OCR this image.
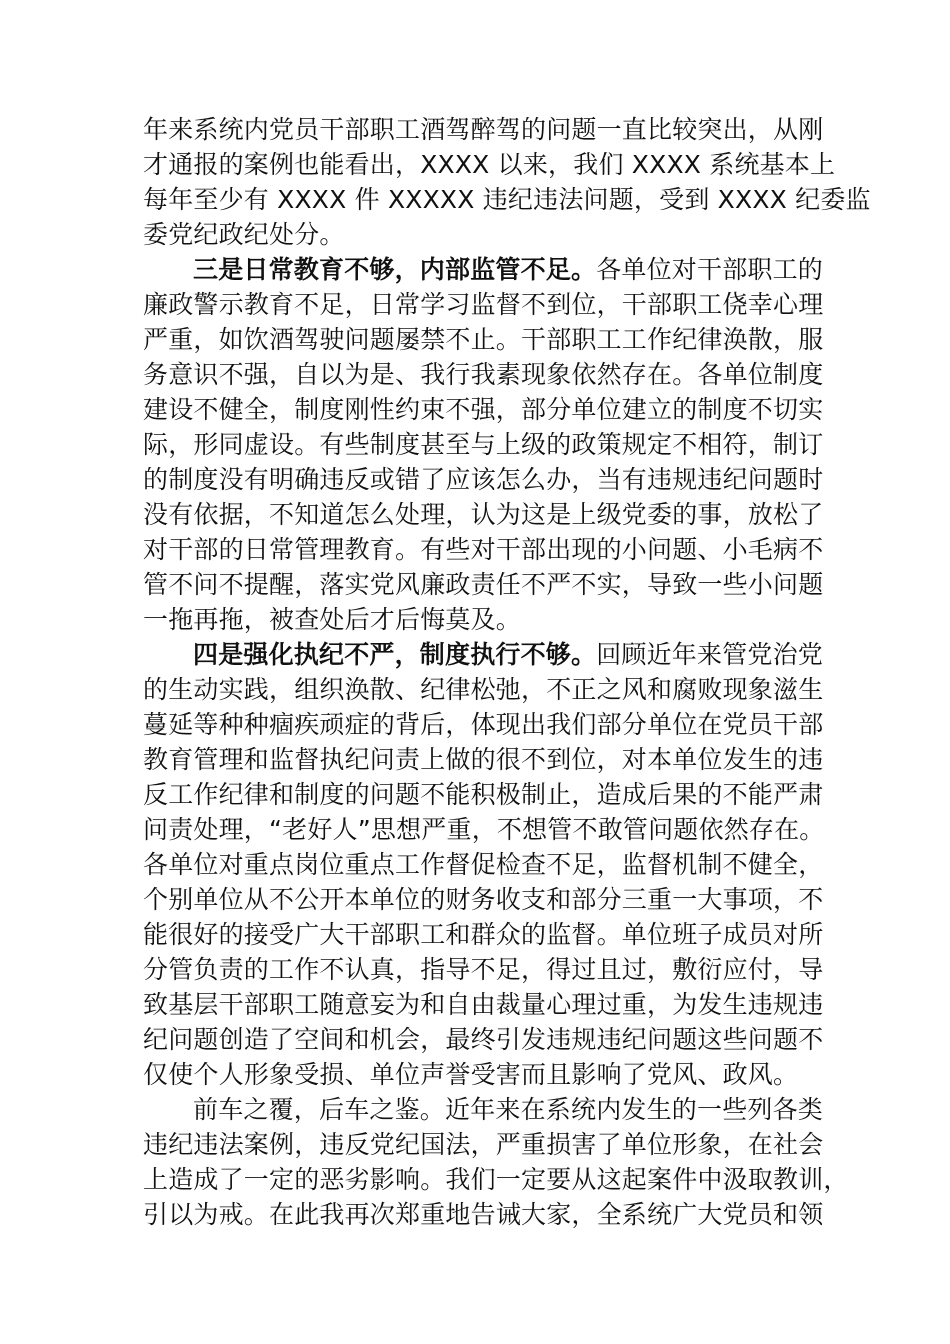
年来系统内党员干部职工酒驾醉驾的问题一直比较突出，从刚
才通报的案例也能看出，XXXX 以来，我们 XXXX 系统基本上
每年至少有 XXXX 件 XXXXX 违纪违法问题，受到 XXXX 纪委监
委党纪政纪处分。
三是日常教育不够，内部监管不足。各单位对干部职工的
廉政警示教育不足，日常学习监督不到位，干部职工侥幸心理
严重，如饮酒驾驶问题屡禁不止。干部职工工作纪律涣散，服
务意识不强，自以为是、我行我素现象依然存在。各单位制度
建设不健全，制度刚性约束不强，部分单位建立的制度不切实
际，形同虚设。有些制度甚至与上级的政策规定不相符，制订
的制度没有明确违反或错了应该怎么办，当有违规违纪问题时
没有依据，不知道怎么处理，认为这是上级党委的事，放松了
对干部的日常管理教育。有些对干部出现的小问题、小毛病不
管不问不提醒，落实党风廉政责任不严不实，导致一些小问题
一拖再拖，被查处后才后悔莫及。
四是强化执纪不严，制度执行不够。回顾近年来管党治党
的生动实践，组织涣散、纪律松弛，不正之风和腐败现象滋生
蔓延等种种痼疾顽症的背后，体现出我们部分单位在党员干部
教育管理和监督执纪问责上做的很不到位，对本单位发生的违
反工作纪律和制度的问题不能积极制止，造成后果的不能严肃
问责处理，“老好人”思想严重，不想管不敢管问题依然存在。
各单位对重点岗位重点工作督促检查不足，监督机制不健全，
个别单位从不公开本单位的财务收支和部分三重一大事项，不
能很好的接受广大干部职工和群众的监督。单位班子成员对所
分管负责的工作不认真，指导不足，得过且过，敷衍应付，导
致基层干部职工随意妄为和自由裁量心理过重，为发生违规违
纪问题创造了空间和机会，最终引发违规违纪问题这些问题不
仅使个人形象受损、单位声誉受害而且影响了党风、政风。
前车之覆，后车之鉴。近年来在系统内发生的一些列各类
违纪违法案例，违反党纪国法，严重损害了单位形象，在社会
上造成了一定的恶劣影响。我们一定要从这起案件中汲取教训，
引以为戒。在此我再次郑重地告诫大家，全系统广大党员和领
